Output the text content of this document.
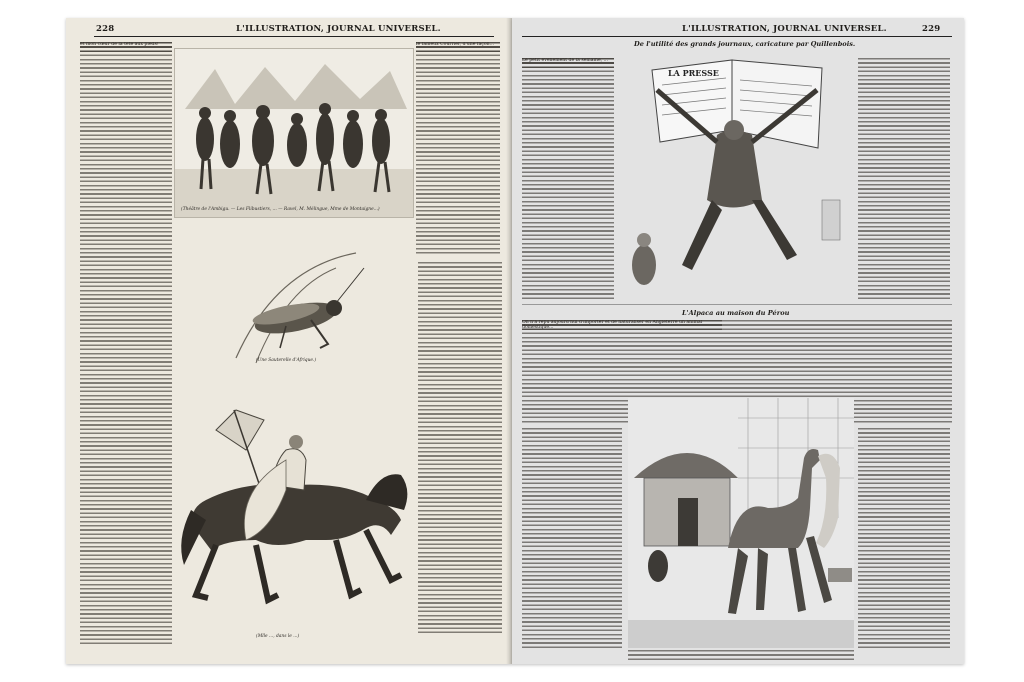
228	L'ILLUSTRATION, JOURNAL UNIVERSEL.
et mon cœur de la tête aux pieds!
(Théâtre de l'Ambigu. — Les Flibustiers, ... — Ravel, M. Mélingue, Mme de Montaigne...)
le fameux Courrier, d'une façon...
(Une Sauterelle d'Afrique.)
(Mlle ..., dans le ...)
L'ILLUSTRATION, JOURNAL UNIVERSEL.	229
Le petit événement de la semaine, ...
De l'utilité des grands journaux, caricature par Quillenbois.
LA PRESSE
L'Alpaca au maison du Pérou
On n'a repu aujourd'hui d'importer et de naturaliser en Angleterre un animal domestique...
